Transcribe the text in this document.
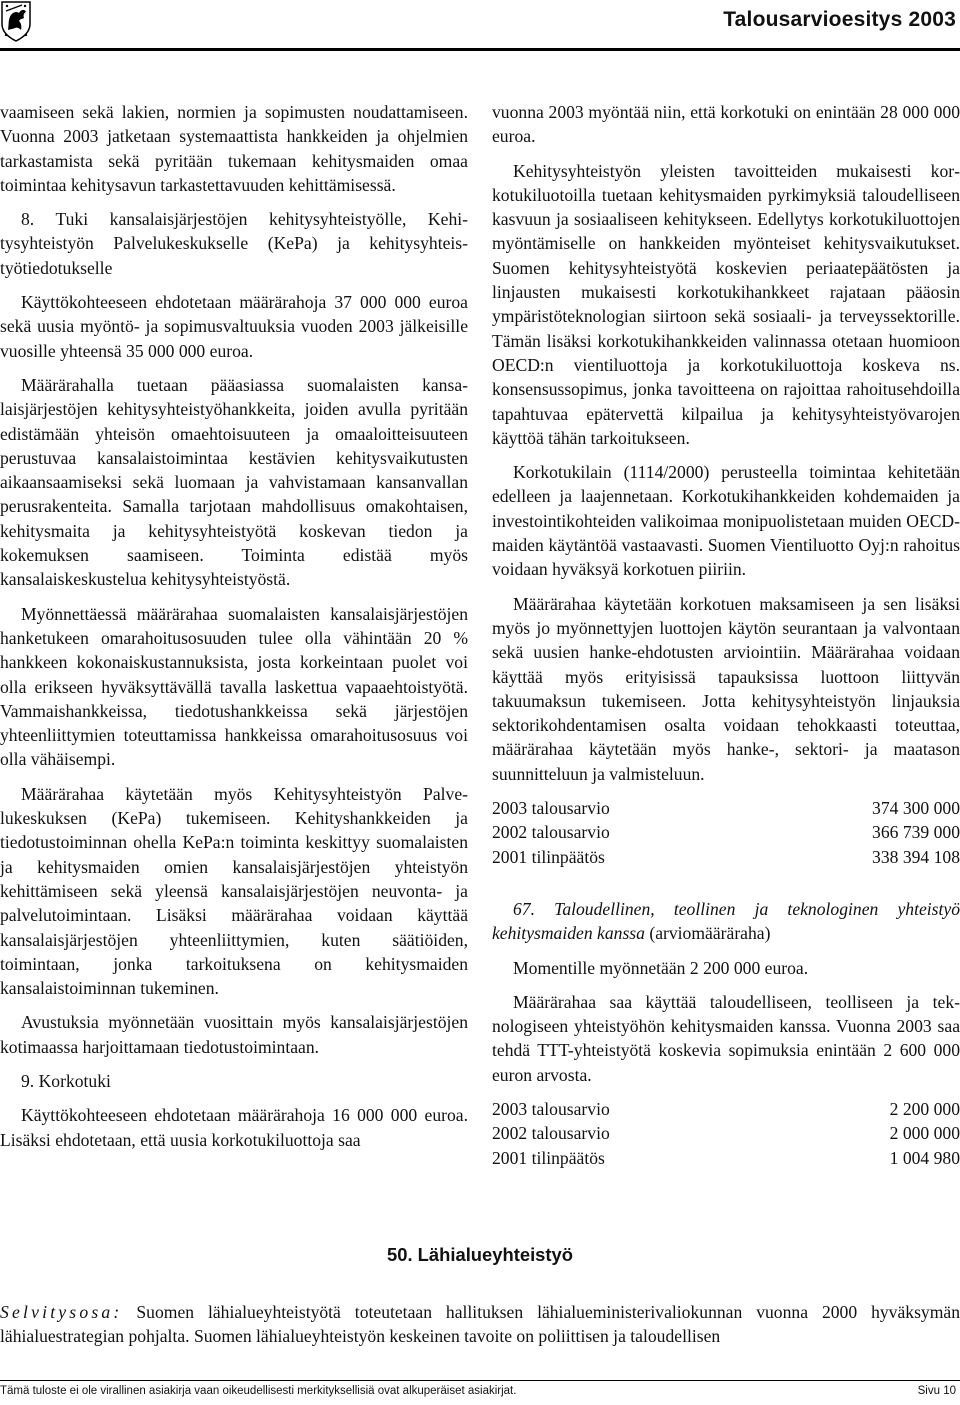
Talousarvioesitys 2003

vaamiseen sekä lakien, normien ja sopimusten noudattamiseen. Vuonna 2003 jatketaan systemaattista hankkeiden ja ohjelmien tarkastamista sekä pyritään tukemaan kehitysmaiden omaa toimintaa kehitysavun tarkastettavuuden kehittämisessä.

8. Tuki kansalaisjärjestöjen kehitysyhteistyölle, Kehitysyhteistyön Palvelukeskukselle (KePa) ja kehitysyhteistyötiedotukselle

Käyttökohteeseen ehdotetaan määrärahoja 37 000 000 euroa sekä uusia myöntö- ja sopimusvaltuuksia vuoden 2003 jälkeisille vuosille yhteensä 35 000 000 euroa.

Määrärahalla tuetaan pääasiassa suomalaisten kansalaisjärjestöjen kehitysyhteistyöhankkeita, joiden avulla pyritään edistämään yhteisön omaehtoisuuteen ja omaaloitteisuuteen perustuvaa kansalaistoimintaa kestävien kehitysvaikutusten aikaansaamiseksi sekä luomaan ja vahvistamaan kansanvallan perusrakenteita. Samalla tarjotaan mahdollisuus omakohtaisen, kehitysmaita ja kehitysyhteistyötä koskevan tiedon ja kokemuksen saamiseen. Toiminta edistää myös kansalaiskeskustelua kehitysyhteistyöstä.

Myönnettäessä määrärahaa suomalaisten kansalaisjärjestöjen hanketukeen omarahoitusosuuden tulee olla vähintään 20 % hankkeen kokonaiskustannuksista, josta korkeintaan puolet voi olla erikseen hyväksyttävällä tavalla laskettua vapaaehtoistyötä. Vammaishankkeissa, tiedotushankkeissa sekä järjestöjen yhteenliittymien toteuttamissa hankkeissa omarahoitusosuus voi olla vähäisempi.

Määrärahaa käytetään myös Kehitysyhteistyön Palvelukeskuksen (KePa) tukemiseen. Kehityshankkeiden ja tiedotustoiminnan ohella KePa:n toiminta keskittyy suomalaisten ja kehitysmaiden omien kansalaisjärjestöjen yhteistyön kehittämiseen sekä yleensä kansalaisjärjestöjen neuvonta- ja palvelutoimintaan. Lisäksi määrärahaa voidaan käyttää kansalaisjärjestöjen yhteenliittymien, kuten säätiöiden, toimintaan, jonka tarkoituksena on kehitysmaiden kansalaistoiminnan tukeminen.

Avustuksia myönnetään vuosittain myös kansalaisjärjestöjen kotimaassa harjoittamaan tiedotustoimintaan.

9. Korkotuki

Käyttökohteeseen ehdotetaan määrärahoja 16 000 000 euroa. Lisäksi ehdotetaan, että uusia korkotukiluottoja saa

vuonna 2003 myöntää niin, että korkotuki on enintään 28 000 000 euroa.

Kehitysyhteistyön yleisten tavoitteiden mukaisesti korkotukiluotoilla tuetaan kehitysmaiden pyrkimyksiä taloudelliseen kasvuun ja sosiaaliseen kehitykseen. Edellytys korkotukiluottojen myöntämiselle on hankkeiden myönteiset kehitysvaikutukset. Suomen kehitysyhteistyötä koskevien periaatepäätösten ja linjausten mukaisesti korkotukihankkeet rajataan pääosin ympäristöteknologian siirtoon sekä sosiaali- ja terveyssektorille. Tämän lisäksi korkotukihankkeiden valinnassa otetaan huomioon OECD:n vientiluottoja ja korkotukiluottoja koskeva ns. konsensussopimus, jonka tavoitteena on rajoittaa rahoitusehdoilla tapahtuvaa epätervettä kilpailua ja kehitysyhteistyövarojen käyttöä tähän tarkoitukseen.

Korkotukilain (1114/2000) perusteella toimintaa kehitetään edelleen ja laajennetaan. Korkotukihankkeiden kohdemaiden ja investointikohteiden valikoimaa monipuolistetaan muiden OECD-maiden käytäntöä vastaavasti. Suomen Vientiluotto Oyj:n rahoitus voidaan hyväksyä korkotuen piiriin.

Määrärahaa käytetään korkotuen maksamiseen ja sen lisäksi myös jo myönnettyjen luottojen käytön seurantaan ja valvontaan sekä uusien hanke-ehdotusten arviointiin. Määrärahaa voidaan käyttää myös erityisissä tapauksissa luottoon liittyvän takuumaksun tukemiseen. Jotta kehitysyhteistyön linjauksia sektorikohdentamisen osalta voidaan tehokkaasti toteuttaa, määrärahaa käytetään myös hanke-, sektori- ja maatason suunnitteluun ja valmisteluun.

2003 talousarvio	374 300 000
2002 talousarvio	366 739 000
2001 tilinpäätös	338 394 108

67. Taloudellinen, teollinen ja teknologinen yhteistyö kehitysmaiden kanssa (arviomääräraha)

Momentille myönnetään 2 200 000 euroa.

Määrärahaa saa käyttää taloudelliseen, teolliseen ja teknologiseen yhteistyöhön kehitysmaiden kanssa. Vuonna 2003 saa tehdä TTT-yhteistyötä koskevia sopimuksia enintään 2 600 000 euron arvosta.

2003 talousarvio	2 200 000
2002 talousarvio	2 000 000
2001 tilinpäätös	1 004 980
50. Lähialueyhteistyö
Selvitysosa: Suomen lähialueyhteistyötä toteutetaan hallituksen lähialueministerivaliokunnan vuonna 2000 hyväksymän lähialuestrategian pohjalta. Suomen lähialueyhteistyön keskeinen tavoite on poliittisen ja taloudellisen
Tämä tuloste ei ole virallinen asiakirja vaan oikeudellisesti merkityksellisiä ovat alkuperäiset asiakirjat.	Sivu 10
